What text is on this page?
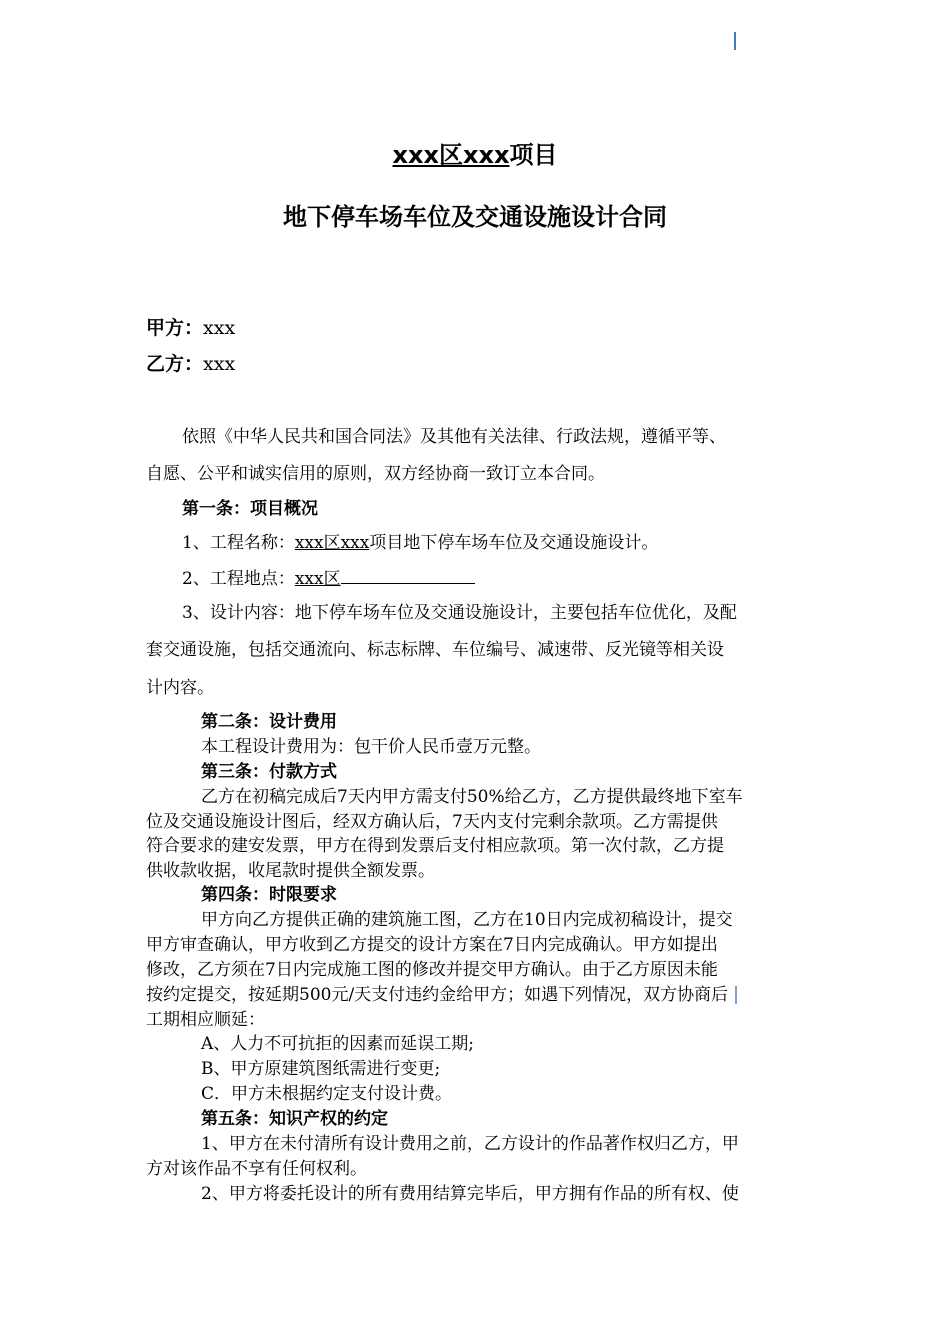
xxx区xxx项目
地下停车场车位及交通设施设计合同
甲方：xxx
乙方：xxx
依照《中华人民共和国合同法》及其他有关法律、行政法规，遵循平等、
自愿、公平和诚实信用的原则，双方经协商一致订立本合同。
第一条：项目概况
1、工程名称：xxx区xxx项目地下停车场车位及交通设施设计。
2、工程地点：xxx区
3、设计内容：地下停车场车位及交通设施设计，主要包括车位优化，及配
套交通设施，包括交通流向、标志标牌、车位编号、减速带、反光镜等相关设
计内容。
第二条：设计费用
本工程设计费用为：包干价人民币壹万元整。
第三条：付款方式
乙方在初稿完成后7天内甲方需支付50%给乙方，乙方提供最终地下室车
位及交通设施设计图后，经双方确认后，7天内支付完剩余款项。乙方需提供
符合要求的建安发票，甲方在得到发票后支付相应款项。第一次付款，乙方提
供收款收据，收尾款时提供全额发票。
第四条：时限要求
甲方向乙方提供正确的建筑施工图，乙方在10日内完成初稿设计，提交
甲方审查确认，甲方收到乙方提交的设计方案在7日内完成确认。甲方如提出
修改，乙方须在7日内完成施工图的修改并提交甲方确认。由于乙方原因未能
按约定提交，按延期500元/天支付违约金给甲方；如遇下列情况，双方协商后
工期相应顺延：
A、人力不可抗拒的因素而延误工期;
B、甲方原建筑图纸需进行变更;
C．甲方未根据约定支付设计费。
第五条：知识产权的约定
1、甲方在未付清所有设计费用之前，乙方设计的作品著作权归乙方，甲
方对该作品不享有任何权利。
2、甲方将委托设计的所有费用结算完毕后，甲方拥有作品的所有权、使
